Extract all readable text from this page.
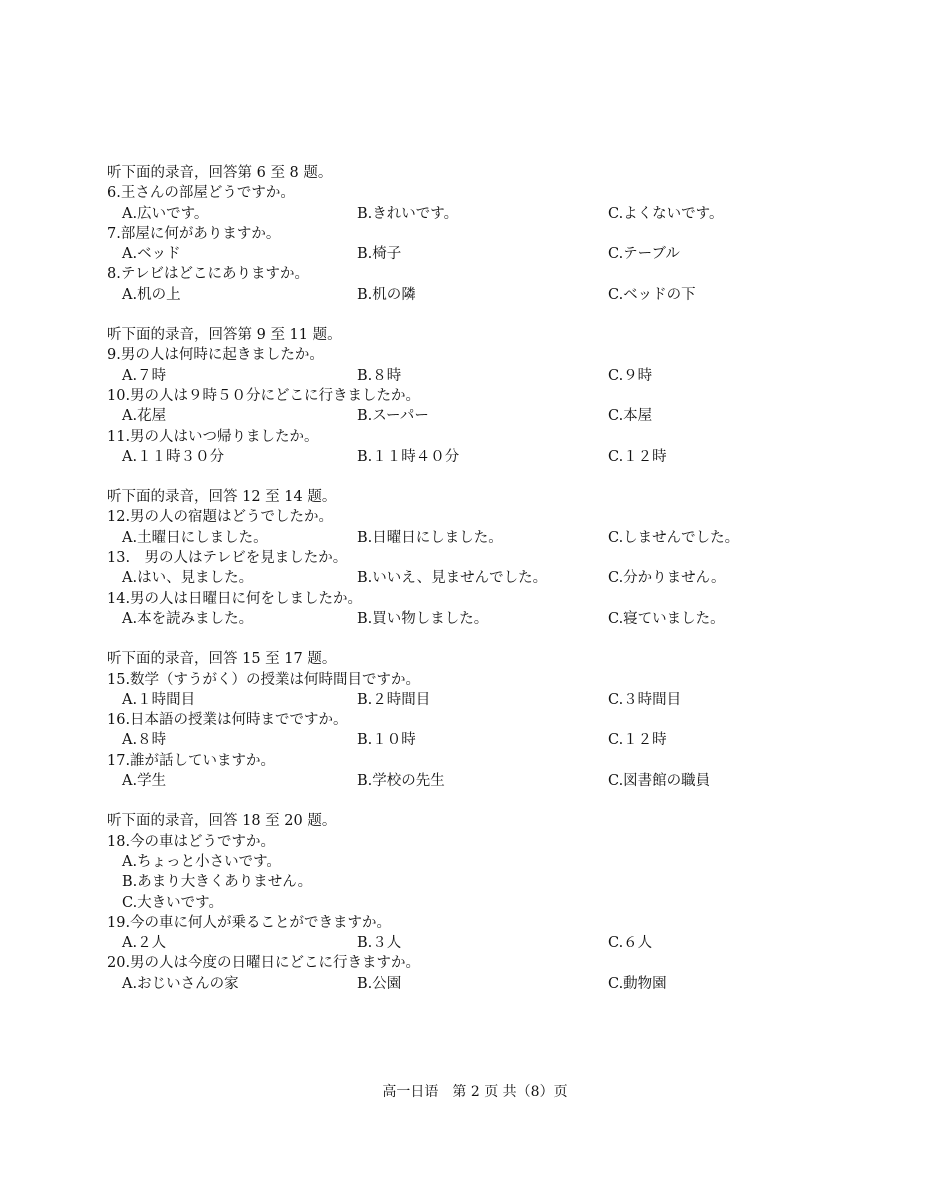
听下面的录音，回答第 6 至 8 题。
6.王さんの部屋どうですか。
A.広いです。	B.きれいです。	C.よくないです。
7.部屋に何がありますか。
A.ベッド	B.椅子	C.テーブル
8.テレビはどこにありますか。
A.机の上	B.机の隣	C.ベッドの下
听下面的录音，回答第 9 至 11 题。
9.男の人は何時に起きましたか。
A.７時	B.８時	C.９時
10.男の人は９時５０分にどこに行きましたか。
A.花屋	B.スーパー	C.本屋
11.男の人はいつ帰りましたか。
A.１１時３０分	B.１１時４０分	C.１２時
听下面的录音，回答 12 至 14 题。
12.男の人の宿題はどうでしたか。
A.土曜日にしました。	B.日曜日にしました。	C.しませんでした。
13.　男の人はテレビを見ましたか。
A.はい、見ました。	B.いいえ、見ませんでした。	C.分かりません。
14.男の人は日曜日に何をしましたか。
A.本を読みました。	B.買い物しました。	C.寝ていました。
听下面的录音，回答 15 至 17 题。
15.数学（すうがく）の授業は何時間目ですか。
A.１時間目	B.２時間目	C.３時間目
16.日本語の授業は何時までですか。
A.８時	B.１０時	C.１２時
17.誰が話していますか。
A.学生	B.学校の先生	C.図書館の職員
听下面的录音，回答 18 至 20 题。
18.今の車はどうですか。
A.ちょっと小さいです。
B.あまり大きくありません。
C.大きいです。
19.今の車に何人が乗ることができますか。
A.２人	B.３人	C.６人
20.男の人は今度の日曜日にどこに行きますか。
A.おじいさんの家	B.公園	C.動物園
高一日语　第 2 页 共（8）页
